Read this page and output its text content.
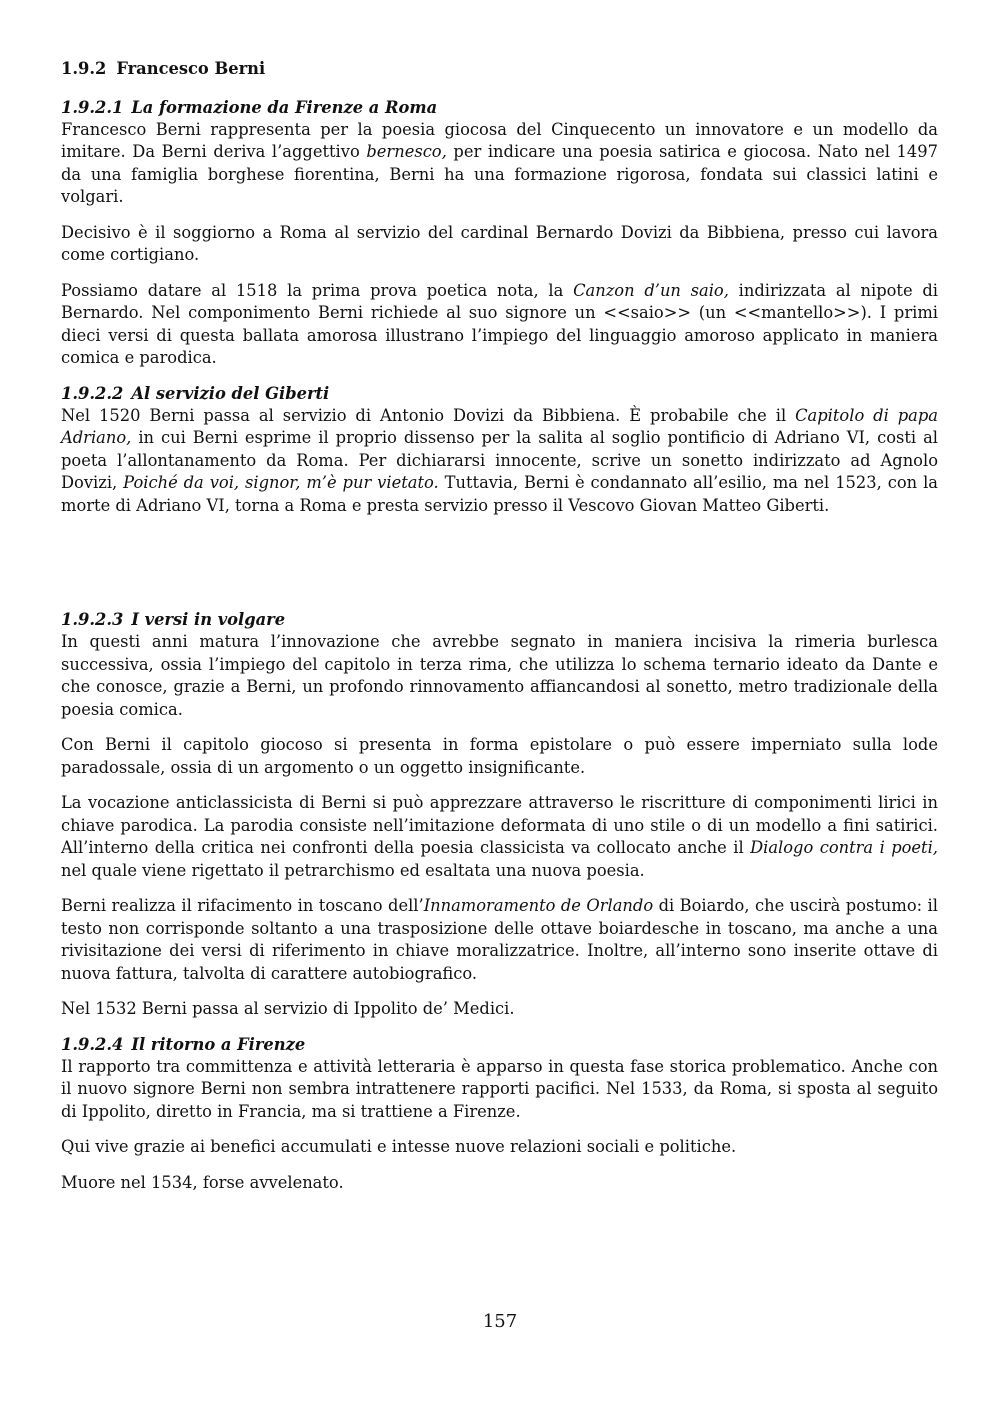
1.9.2 Francesco Berni
1.9.2.1 La formazione da Firenze a Roma

Francesco Berni rappresenta per la poesia giocosa del Cinquecento un innovatore e un modello da imitare. Da Berni deriva l’aggettivo bernesco, per indicare una poesia satirica e giocosa. Nato nel 1497 da una famiglia borghese fiorentina, Berni ha una formazione rigorosa, fondata sui classici latini e volgari.

Decisivo è il soggiorno a Roma al servizio del cardinal Bernardo Dovizi da Bibbiena, presso cui lavora come cortigiano.

Possiamo datare al 1518 la prima prova poetica nota, la Canzon d’un saio, indirizzata al nipote di Bernardo. Nel componimento Berni richiede al suo signore un <<saio>> (un <<mantello>>). I primi dieci versi di questa ballata amorosa illustrano l’impiego del linguaggio amoroso applicato in maniera comica e parodica.

1.9.2.2 Al servizio del Giberti

Nel 1520 Berni passa al servizio di Antonio Dovizi da Bibbiena. È probabile che il Capitolo di papa Adriano, in cui Berni esprime il proprio dissenso per la salita al soglio pontificio di Adriano VI, costi al poeta l’allontanamento da Roma. Per dichiararsi innocente, scrive un sonetto indirizzato ad Agnolo Dovizi, Poiché da voi, signor, m’è pur vietato. Tuttavia, Berni è condannato all’esilio, ma nel 1523, con la morte di Adriano VI, torna a Roma e presta servizio presso il Vescovo Giovan Matteo Giberti.

1.9.2.3 I versi in volgare

In questi anni matura l’innovazione che avrebbe segnato in maniera incisiva la rimeria burlesca successiva, ossia l’impiego del capitolo in terza rima, che utilizza lo schema ternario ideato da Dante e che conosce, grazie a Berni, un profondo rinnovamento affiancandosi al sonetto, metro tradizionale della poesia comica.

Con Berni il capitolo giocoso si presenta in forma epistolare o può essere imperniato sulla lode paradossale, ossia di un argomento o un oggetto insignificante.

La vocazione anticlassicista di Berni si può apprezzare attraverso le riscritture di componimenti lirici in chiave parodica. La parodia consiste nell’imitazione deformata di uno stile o di un modello a fini satirici. All’interno della critica nei confronti della poesia classicista va collocato anche il Dialogo contra i poeti, nel quale viene rigettato il petrarchismo ed esaltata una nuova poesia.

Berni realizza il rifacimento in toscano dell’Innamoramento de Orlando di Boiardo, che uscirà postumo: il testo non corrisponde soltanto a una trasposizione delle ottave boiardesche in toscano, ma anche a una rivisitazione dei versi di riferimento in chiave moralizzatrice. Inoltre, all’interno sono inserite ottave di nuova fattura, talvolta di carattere autobiografico.

Nel 1532 Berni passa al servizio di Ippolito de’ Medici.

1.9.2.4 Il ritorno a Firenze

Il rapporto tra committenza e attività letteraria è apparso in questa fase storica problematico. Anche con il nuovo signore Berni non sembra intrattenere rapporti pacifici. Nel 1533, da Roma, si sposta al seguito di Ippolito, diretto in Francia, ma si trattiene a Firenze.

Qui vive grazie ai benefici accumulati e intesse nuove relazioni sociali e politiche.

Muore nel 1534, forse avvelenato.

157
